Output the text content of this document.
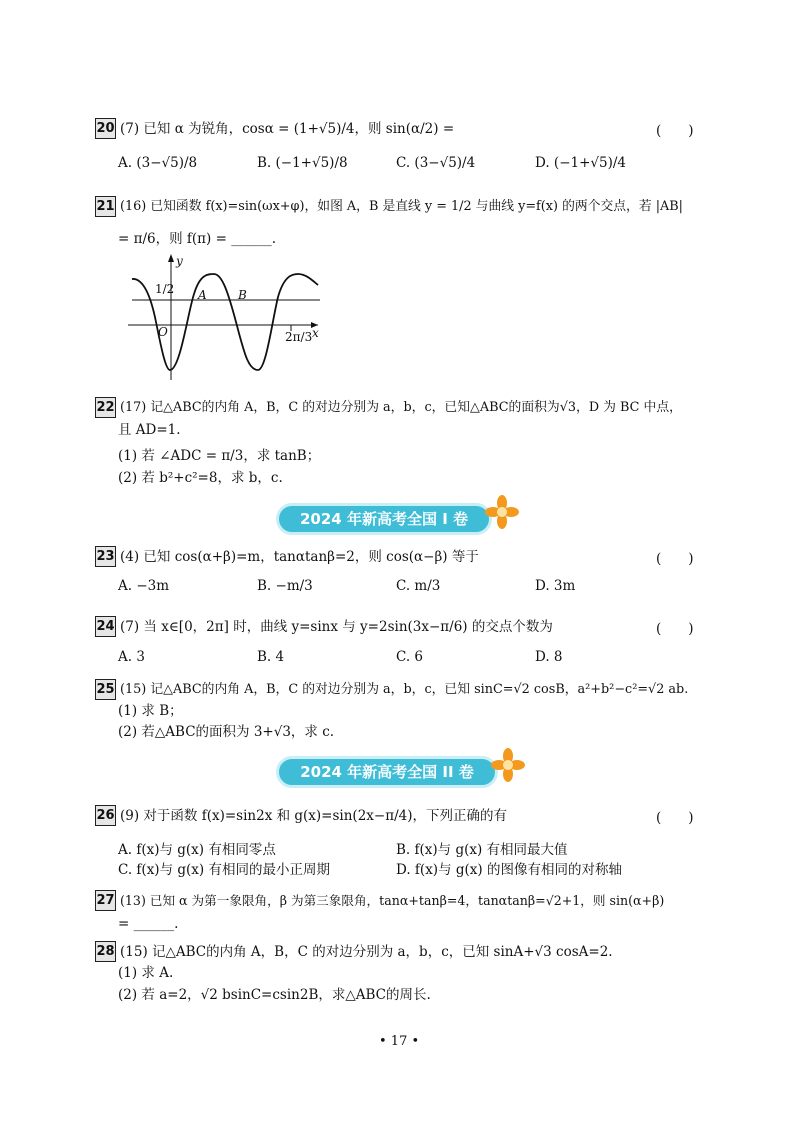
20 (7) 已知 α 为锐角，cosα = (1+√5)/4，则 sin(α/2) =	(　　)
A. (3−√5)/8	B. (−1+√5)/8	C. (3−√5)/4	D. (−1+√5)/4
21 (16) 已知函数 f(x)=sin(ωx+φ)，如图 A，B 是直线 y = 1/2 与曲线 y=f(x) 的两个交点，若 |AB|
= π/6，则 f(π) = ______.
y
1/2 A	B
O	2π/3 x
22 (17) 记△ABC的内角 A，B，C 的对边分别为 a，b，c，已知△ABC的面积为√3，D 为 BC 中点，
且 AD=1.
(1) 若 ∠ADC = π/3，求 tanB；
(2) 若 b²+c²=8，求 b，c.
2024 年新高考全国 I 卷
23 (4) 已知 cos(α+β)=m，tanαtanβ=2，则 cos(α−β) 等于	(　　)
A. −3m	B. −m/3	C. m/3	D. 3m
24 (7) 当 x∈[0，2π] 时，曲线 y=sinx 与 y=2sin(3x−π/6) 的交点个数为	(　　)
A. 3	B. 4	C. 6	D. 8
25 (15) 记△ABC的内角 A，B，C 的对边分别为 a，b，c，已知 sinC=√2 cosB，a²+b²−c²=√2 ab.
(1) 求 B；
(2) 若△ABC的面积为 3+√3，求 c.
2024 年新高考全国 II 卷
26 (9) 对于函数 f(x)=sin2x 和 g(x)=sin(2x−π/4)，下列正确的有	(　　)
A. f(x)与 g(x) 有相同零点	B. f(x)与 g(x) 有相同最大值
C. f(x)与 g(x) 有相同的最小正周期	D. f(x)与 g(x) 的图像有相同的对称轴
27 (13) 已知 α 为第一象限角，β 为第三象限角，tanα+tanβ=4，tanαtanβ=√2+1，则 sin(α+β)
= ______.
28 (15) 记△ABC的内角 A，B，C 的对边分别为 a，b，c，已知 sinA+√3 cosA=2.
(1) 求 A.
(2) 若 a=2，√2 bsinC=csin2B，求△ABC的周长.
• 17 •
